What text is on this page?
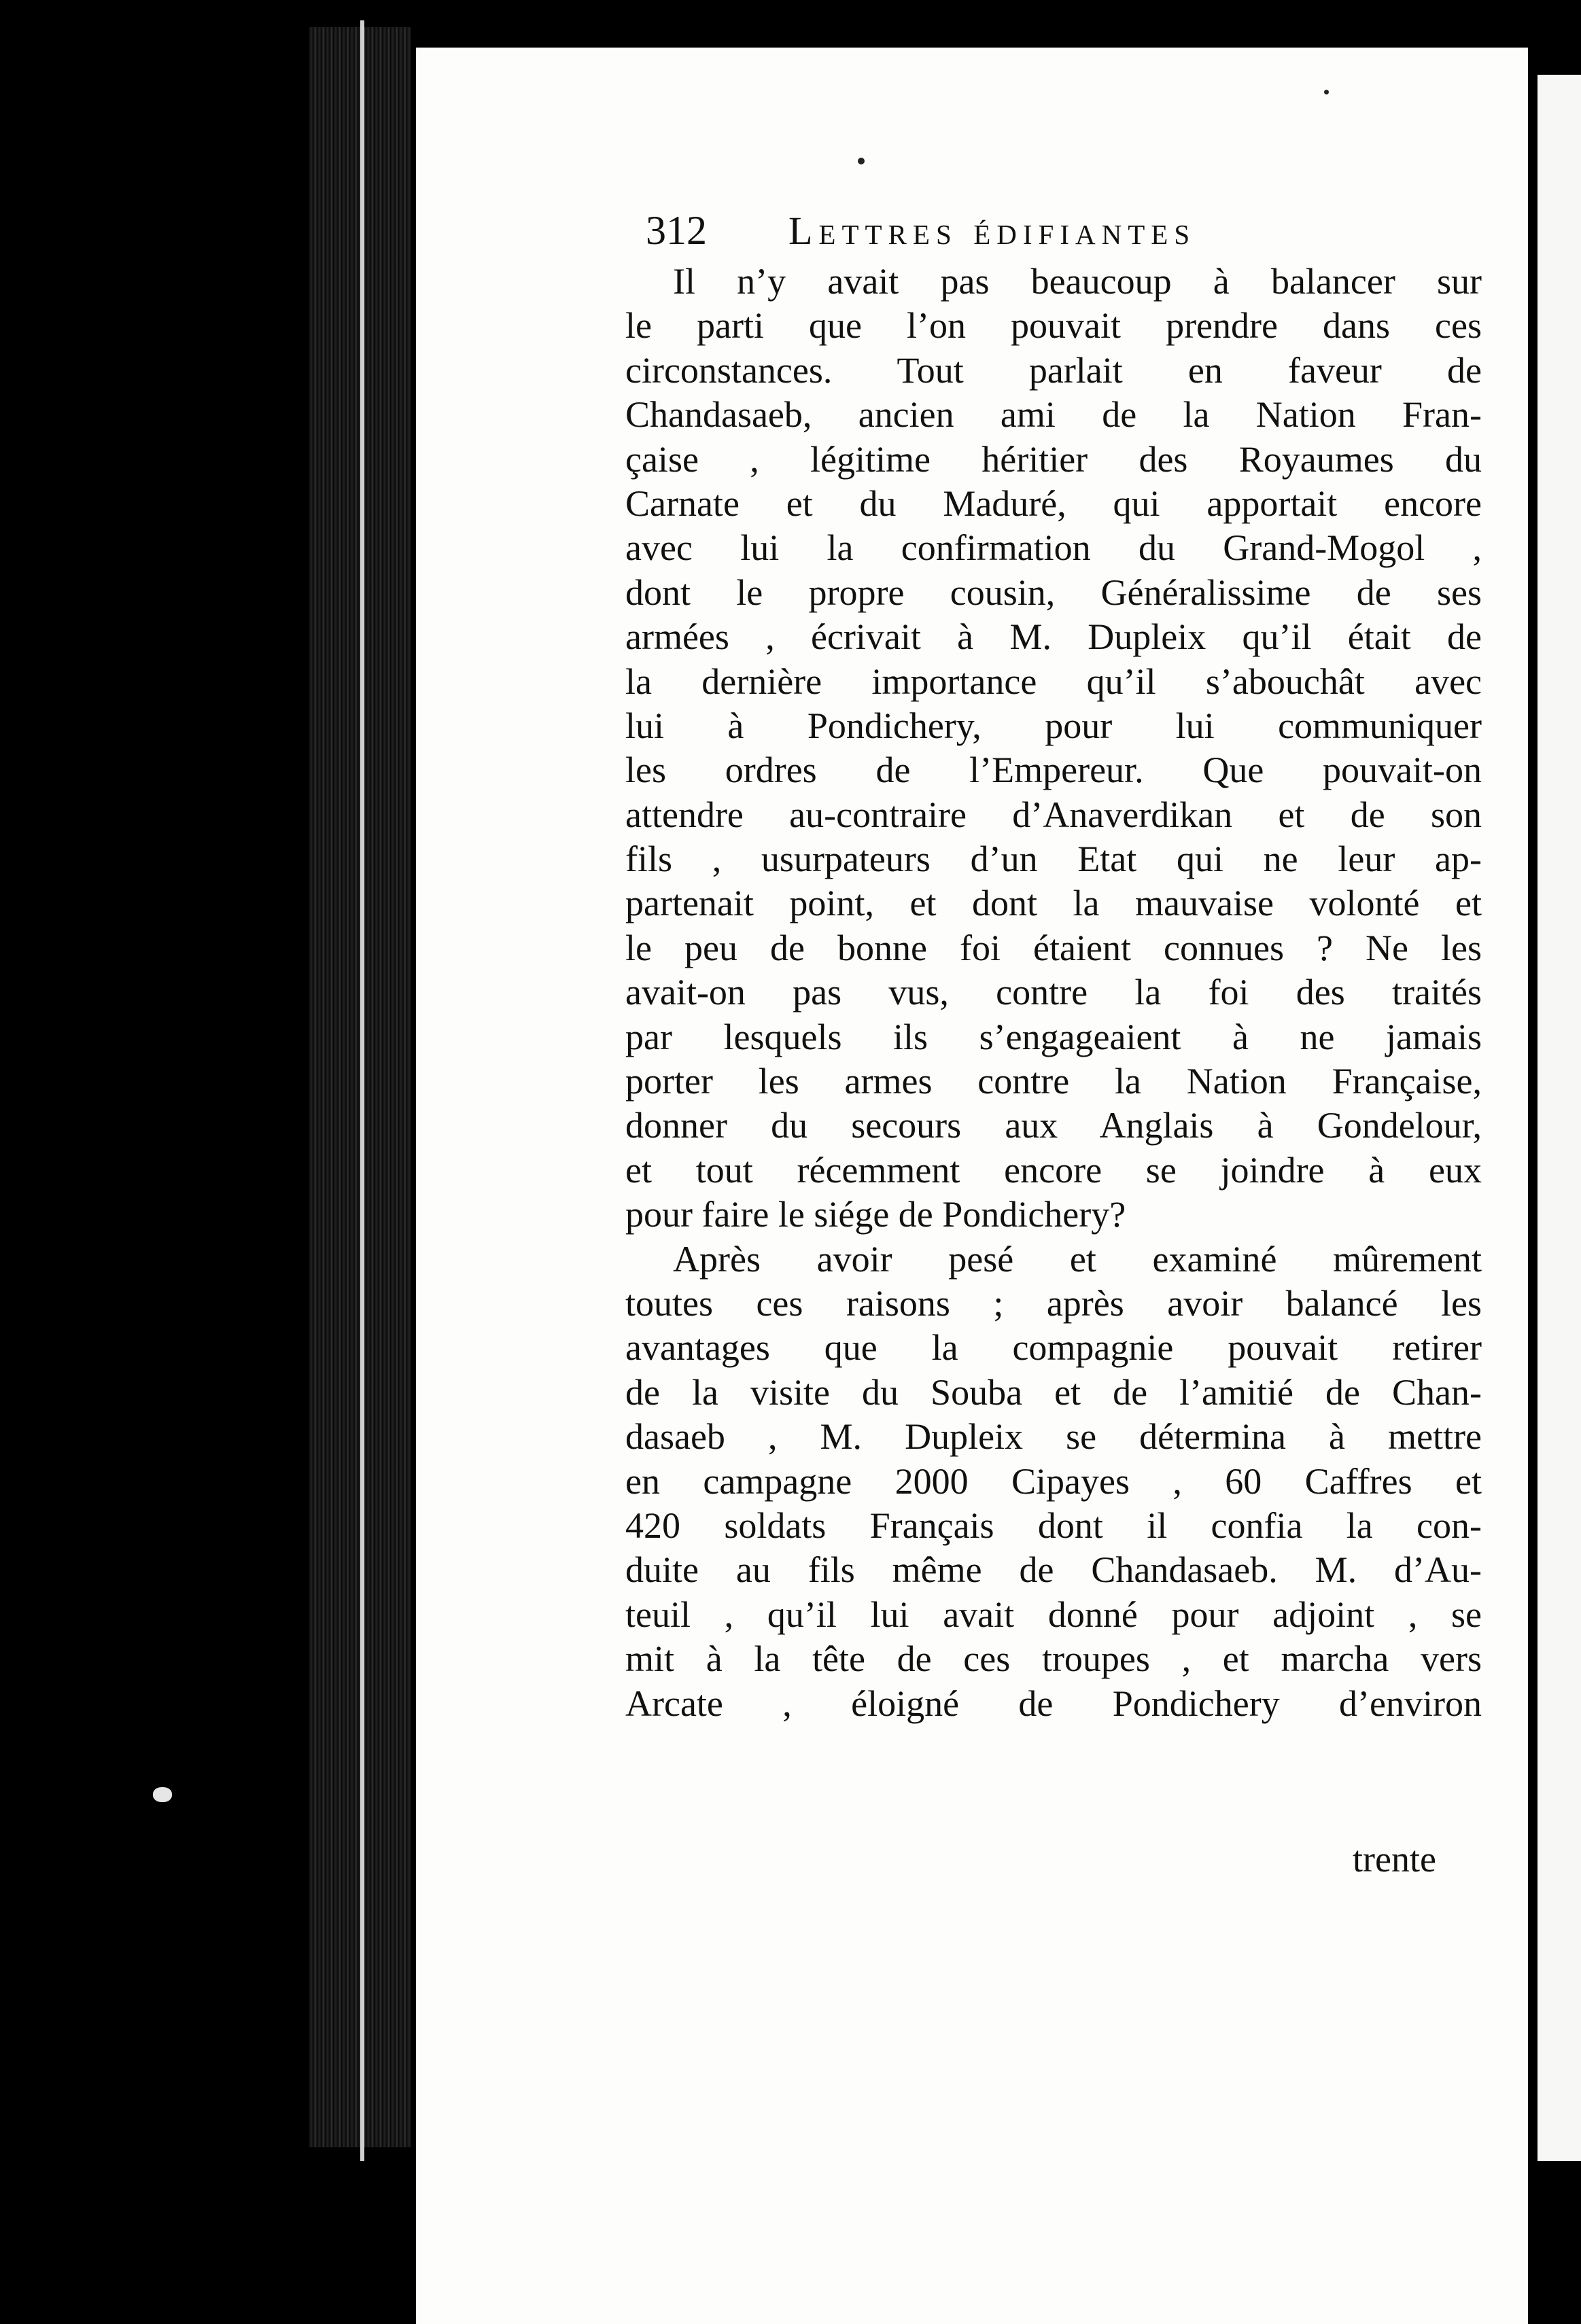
312	Lettres édifiantes
Il n’y avait pas beaucoup à balancer sur
le parti que l’on pouvait prendre dans ces
circonstances. Tout parlait en faveur de
Chandasaeb, ancien ami de la Nation Fran-
çaise , légitime héritier des Royaumes du
Carnate et du Maduré, qui apportait encore
avec lui la confirmation du Grand-Mogol ,
dont le propre cousin, Généralissime de ses
armées , écrivait à M. Dupleix qu’il était de
la dernière importance qu’il s’abouchât avec
lui à Pondichery, pour lui communiquer
les ordres de l’Empereur. Que pouvait-on
attendre au-contraire d’Anaverdikan et de son
fils , usurpateurs d’un Etat qui ne leur ap-
partenait point, et dont la mauvaise volonté et
le peu de bonne foi étaient connues ? Ne les
avait-on pas vus, contre la foi des traités
par lesquels ils s’engageaient à ne jamais
porter les armes contre la Nation Française,
donner du secours aux Anglais à Gondelour,
et tout récemment encore se joindre à eux
pour faire le siége de Pondichery?
Après avoir pesé et examiné mûrement
toutes ces raisons ; après avoir balancé les
avantages que la compagnie pouvait retirer
de la visite du Souba et de l’amitié de Chan-
dasaeb , M. Dupleix se détermina à mettre
en campagne 2000 Cipayes , 60 Caffres et
420 soldats Français dont il confia la con-
duite au fils même de Chandasaeb. M. d’Au-
teuil , qu’il lui avait donné pour adjoint , se
mit à la tête de ces troupes , et marcha vers
Arcate , éloigné de Pondichery d’environ
trente
